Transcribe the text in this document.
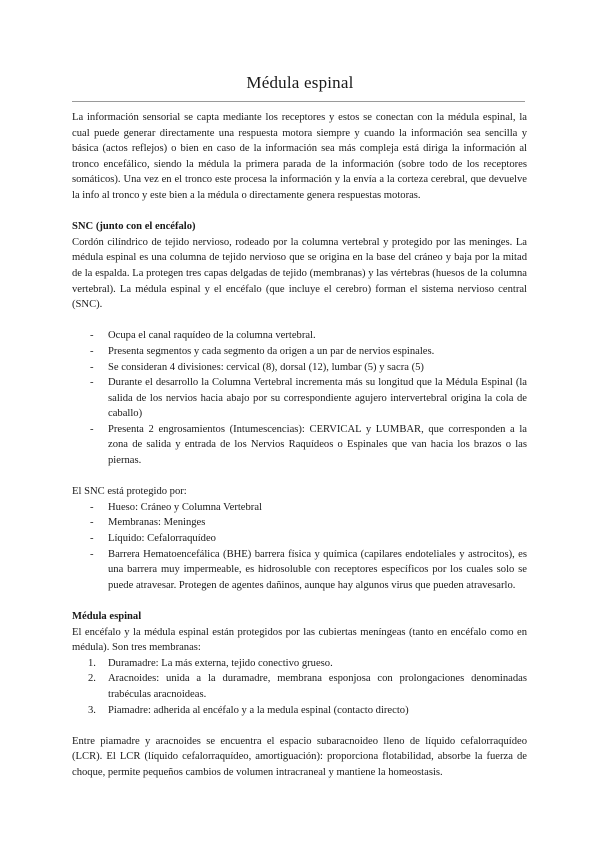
Médula espinal

La información sensorial se capta mediante los receptores y estos se conectan con la médula espinal, la cual puede generar directamente una respuesta motora siempre y cuando la información sea sencilla y básica (actos reflejos) o bien en caso de la información sea más compleja está diriga la información al tronco encefálico, siendo la médula la primera parada de la información (sobre todo de los receptores somáticos). Una vez en el tronco este procesa la información y la envía a la corteza cerebral, que devuelve la info al tronco y este bien a la médula o directamente genera respuestas motoras.

SNC (junto con el encéfalo)

Cordón cilíndrico de tejido nervioso, rodeado por la columna vertebral y protegido por las meninges. La médula espinal es una columna de tejido nervioso que se origina en la base del cráneo y baja por la mitad de la espalda. La protegen tres capas delgadas de tejido (membranas) y las vértebras (huesos de la columna vertebral). La médula espinal y el encéfalo (que incluye el cerebro) forman el sistema nervioso central (SNC).

- Ocupa el canal raquídeo de la columna vertebral.
- Presenta segmentos y cada segmento da origen a un par de nervios espinales.
- Se consideran 4 divisiones: cervical (8), dorsal (12), lumbar (5) y sacra (5)
- Durante el desarrollo la Columna Vertebral incrementa más su longitud que la Médula Espinal (la salida de los nervios hacia abajo por su correspondiente agujero intervertebral origina la cola de caballo)
- Presenta 2 engrosamientos (Intumescencias): CERVICAL y LUMBAR, que corresponden a la zona de salida y entrada de los Nervios Raquídeos o Espinales que van hacia los brazos o las piernas.

El SNC está protegido por:

- Hueso: Cráneo y Columna Vertebral
- Membranas: Meninges
- Líquido: Cefalorraquídeo
- Barrera Hematoencefálica (BHE) barrera física y química (capilares endoteliales y astrocitos), es una barrera muy impermeable, es hidrosoluble con receptores específicos por los cuales solo se puede atravesar. Protegen de agentes dañinos, aunque hay algunos virus que pueden atravesarlo.

Médula espinal

El encéfalo y la médula espinal están protegidos por las cubiertas meníngeas (tanto en encéfalo como en médula). Son tres membranas:

1. Duramadre: La más externa, tejido conectivo grueso.
2. Aracnoides: unida a la duramadre, membrana esponjosa con prolongaciones denominadas trabéculas aracnoideas.
3. Piamadre: adherida al encéfalo y a la medula espinal (contacto directo)

Entre piamadre y aracnoides se encuentra el espacio subaracnoideo lleno de líquido cefalorraquídeo (LCR). El LCR (líquido cefalorraquídeo, amortiguación): proporciona flotabilidad, absorbe la fuerza de choque, permite pequeños cambios de volumen intracraneal y mantiene la homeostasis.
